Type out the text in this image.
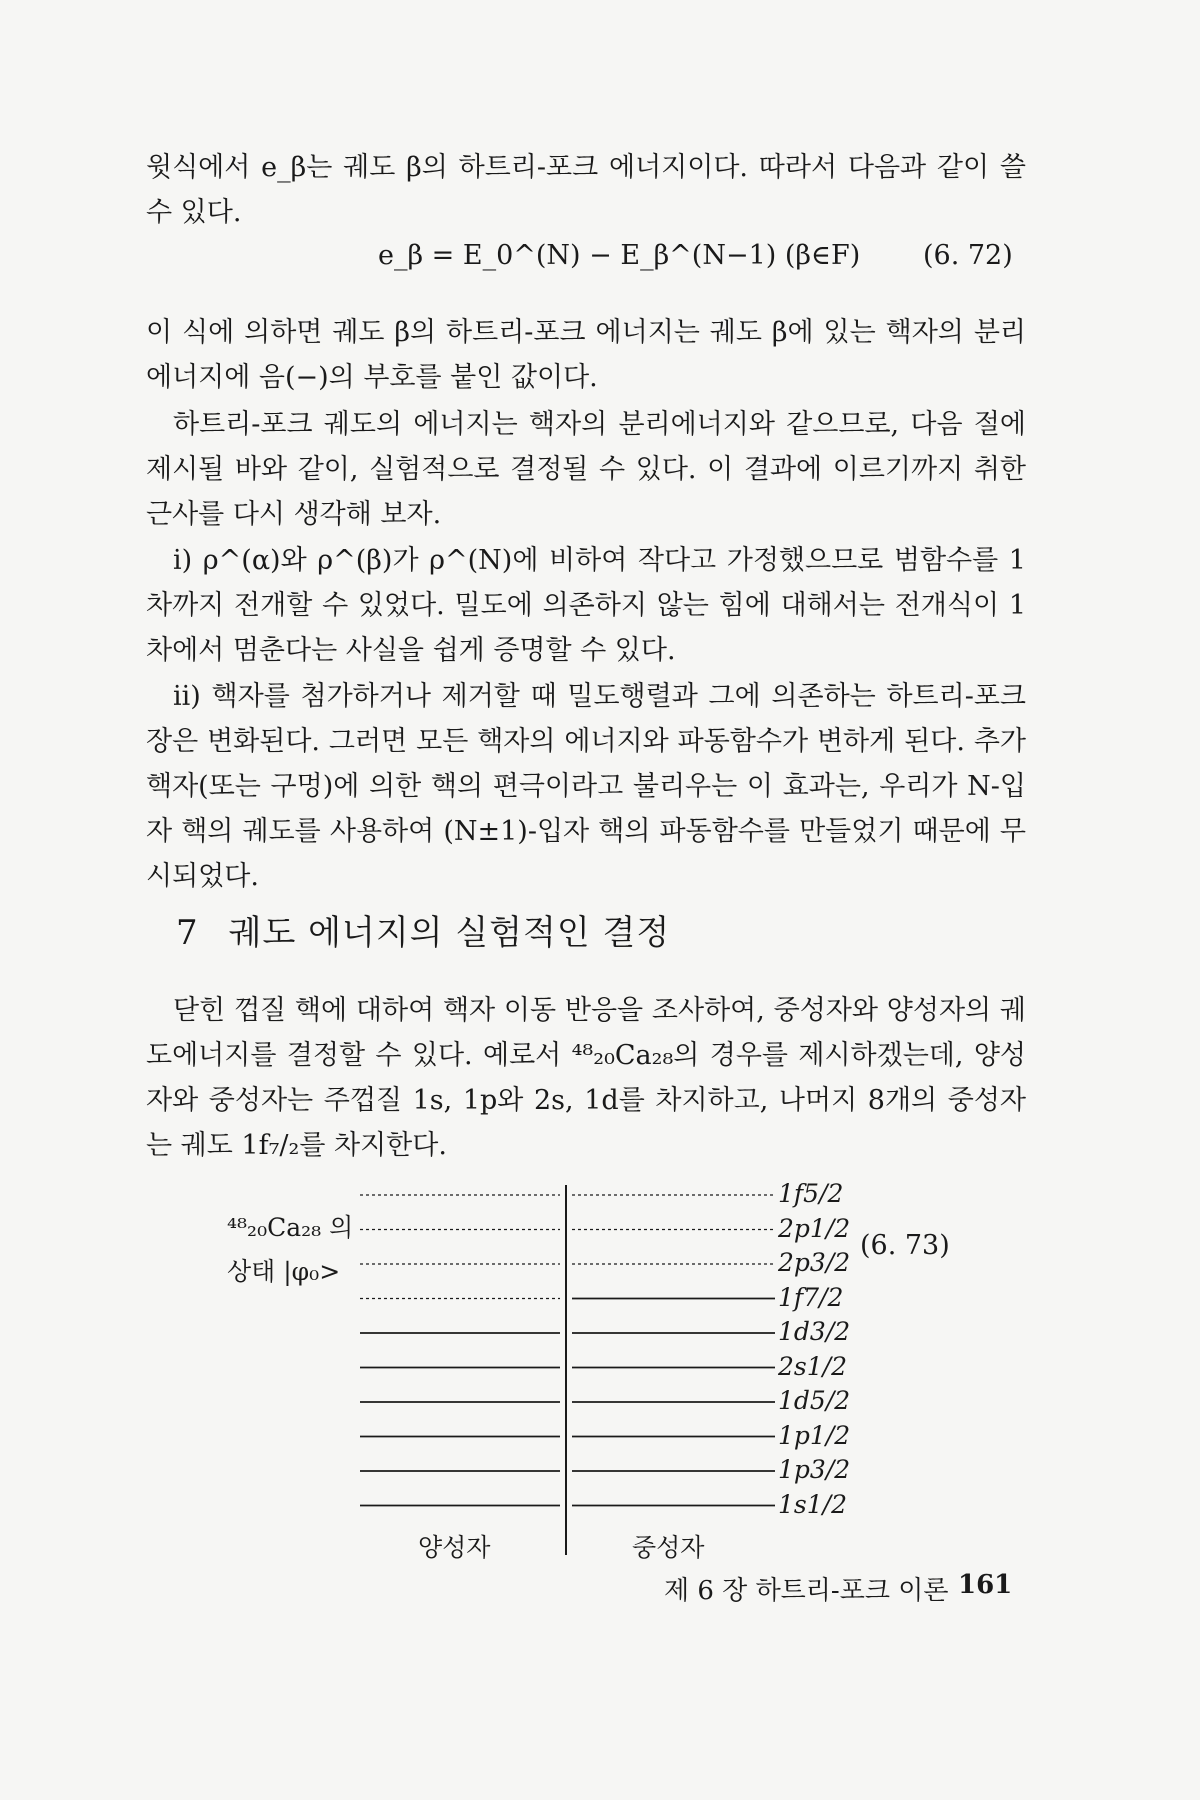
윗식에서 e_β는 궤도 β의 하트리-포크 에너지이다. 따라서 다음과 같이 쓸 수 있다.

e_β = E_0^(N) − E_β^(N−1) (β∈F) (6. 72)

이 식에 의하면 궤도 β의 하트리-포크 에너지는 궤도 β에 있는 핵자의 분리 에너지에 음(−)의 부호를 붙인 값이다.

하트리-포크 궤도의 에너지는 핵자의 분리에너지와 같으므로, 다음 절에 제시될 바와 같이, 실험적으로 결정될 수 있다. 이 결과에 이르기까지 취한 근사를 다시 생각해 보자.

i) ρ^(α)와 ρ^(β)가 ρ^(N)에 비하여 작다고 가정했으므로 범함수를 1차까지 전개할 수 있었다. 밀도에 의존하지 않는 힘에 대해서는 전개식이 1차에서 멈춘다는 사실을 쉽게 증명할 수 있다.

ii) 핵자를 첨가하거나 제거할 때 밀도행렬과 그에 의존하는 하트리-포크 장은 변화된다. 그러면 모든 핵자의 에너지와 파동함수가 변하게 된다. 추가 핵자(또는 구멍)에 의한 핵의 편극이라고 불리우는 이 효과는, 우리가 N-입자 핵의 궤도를 사용하여 (N±1)-입자 핵의 파동함수를 만들었기 때문에 무시되었다.

7 궤도 에너지의 실험적인 결정

닫힌 껍질 핵에 대하여 핵자 이동 반응을 조사하여, 중성자와 양성자의 궤도에너지를 결정할 수 있다. 예로서 ⁴⁸₂₀Ca₂₈의 경우를 제시하겠는데, 양성자와 중성자는 주껍질 1s, 1p와 2s, 1d를 차지하고, 나머지 8개의 중성자는 궤도 1f₇/₂를 차지한다.

1f5/2
2p1/2
2p3/2
1f7/2
1d3/2
2s1/2
1d5/2
1p1/2
1p3/2
1s1/2
⁴⁸₂₀Ca₂₈ 의
상태 |φ₀>
(6. 73)
양성자	중성자
제 6 장 하트리-포크 이론 161
